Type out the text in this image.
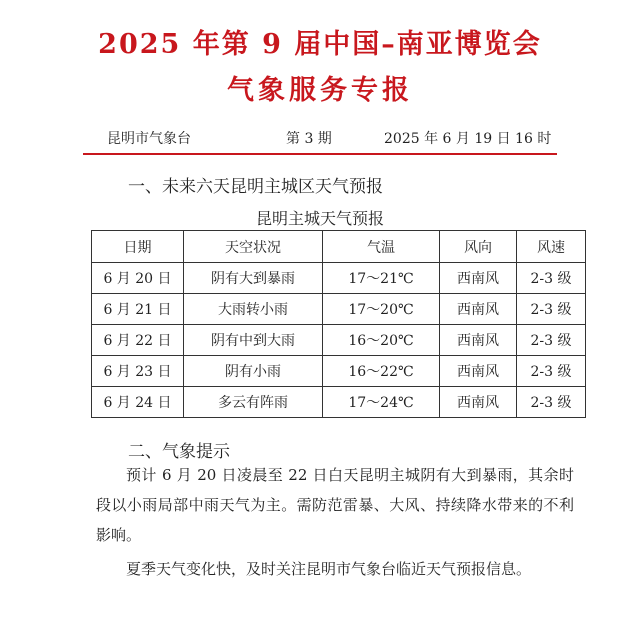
2025 年第 9 届中国–南亚博览会
气象服务专报
昆明市气象台	第 3 期	2025 年 6 月 19 日 16 时
一、未来六天昆明主城区天气预报
昆明主城天气预报
日期	天空状况	气温	风向	风速
6 月 20 日	阴有大到暴雨	17～21℃	西南风	2-3 级
6 月 21 日	大雨转小雨	17～20℃	西南风	2-3 级
6 月 22 日	阴有中到大雨	16～20℃	西南风	2-3 级
6 月 23 日	阴有小雨	16～22℃	西南风	2-3 级
6 月 24 日	多云有阵雨	17～24℃	西南风	2-3 级
二、气象提示

预计 6 月 20 日凌晨至 22 日白天昆明主城阴有大到暴雨，其余时段以小雨局部中雨天气为主。需防范雷暴、大风、持续降水带来的不利影响。

夏季天气变化快，及时关注昆明市气象台临近天气预报信息。
